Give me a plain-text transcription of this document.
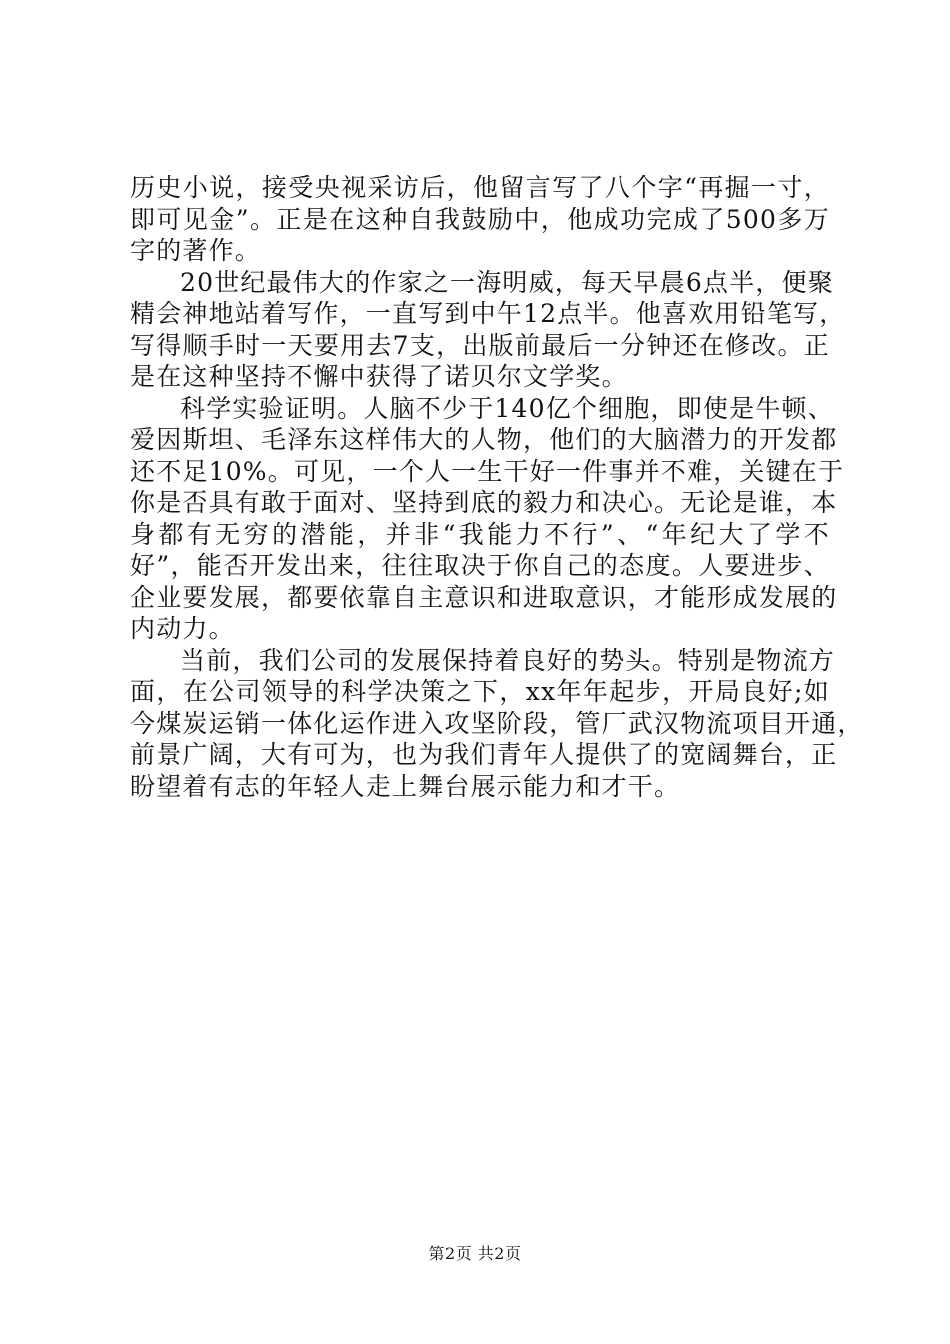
历史小说，接受央视采访后，他留言写了八个字“再掘一寸，
即可见金”。正是在这种自我鼓励中，他成功完成了500多万
字的著作。
20世纪最伟大的作家之一海明威，每天早晨6点半，便聚
精会神地站着写作，一直写到中午12点半。他喜欢用铅笔写，
写得顺手时一天要用去7支，出版前最后一分钟还在修改。正
是在这种坚持不懈中获得了诺贝尔文学奖。
科学实验证明。人脑不少于140亿个细胞，即使是牛顿、
爱因斯坦、毛泽东这样伟大的人物，他们的大脑潜力的开发都
还不足10%。可见，一个人一生干好一件事并不难，关键在于
你是否具有敢于面对、坚持到底的毅力和决心。无论是谁，本
身都有无穷的潜能，并非“我能力不行”、“年纪大了学不
好”，能否开发出来，往往取决于你自己的态度。人要进步、
企业要发展，都要依靠自主意识和进取意识，才能形成发展的
内动力。
当前，我们公司的发展保持着良好的势头。特别是物流方
面，在公司领导的科学决策之下，xx年年起步，开局良好;如
今煤炭运销一体化运作进入攻坚阶段，管厂武汉物流项目开通，
前景广阔，大有可为，也为我们青年人提供了的宽阔舞台，正
盼望着有志的年轻人走上舞台展示能力和才干。
第2页 共2页
